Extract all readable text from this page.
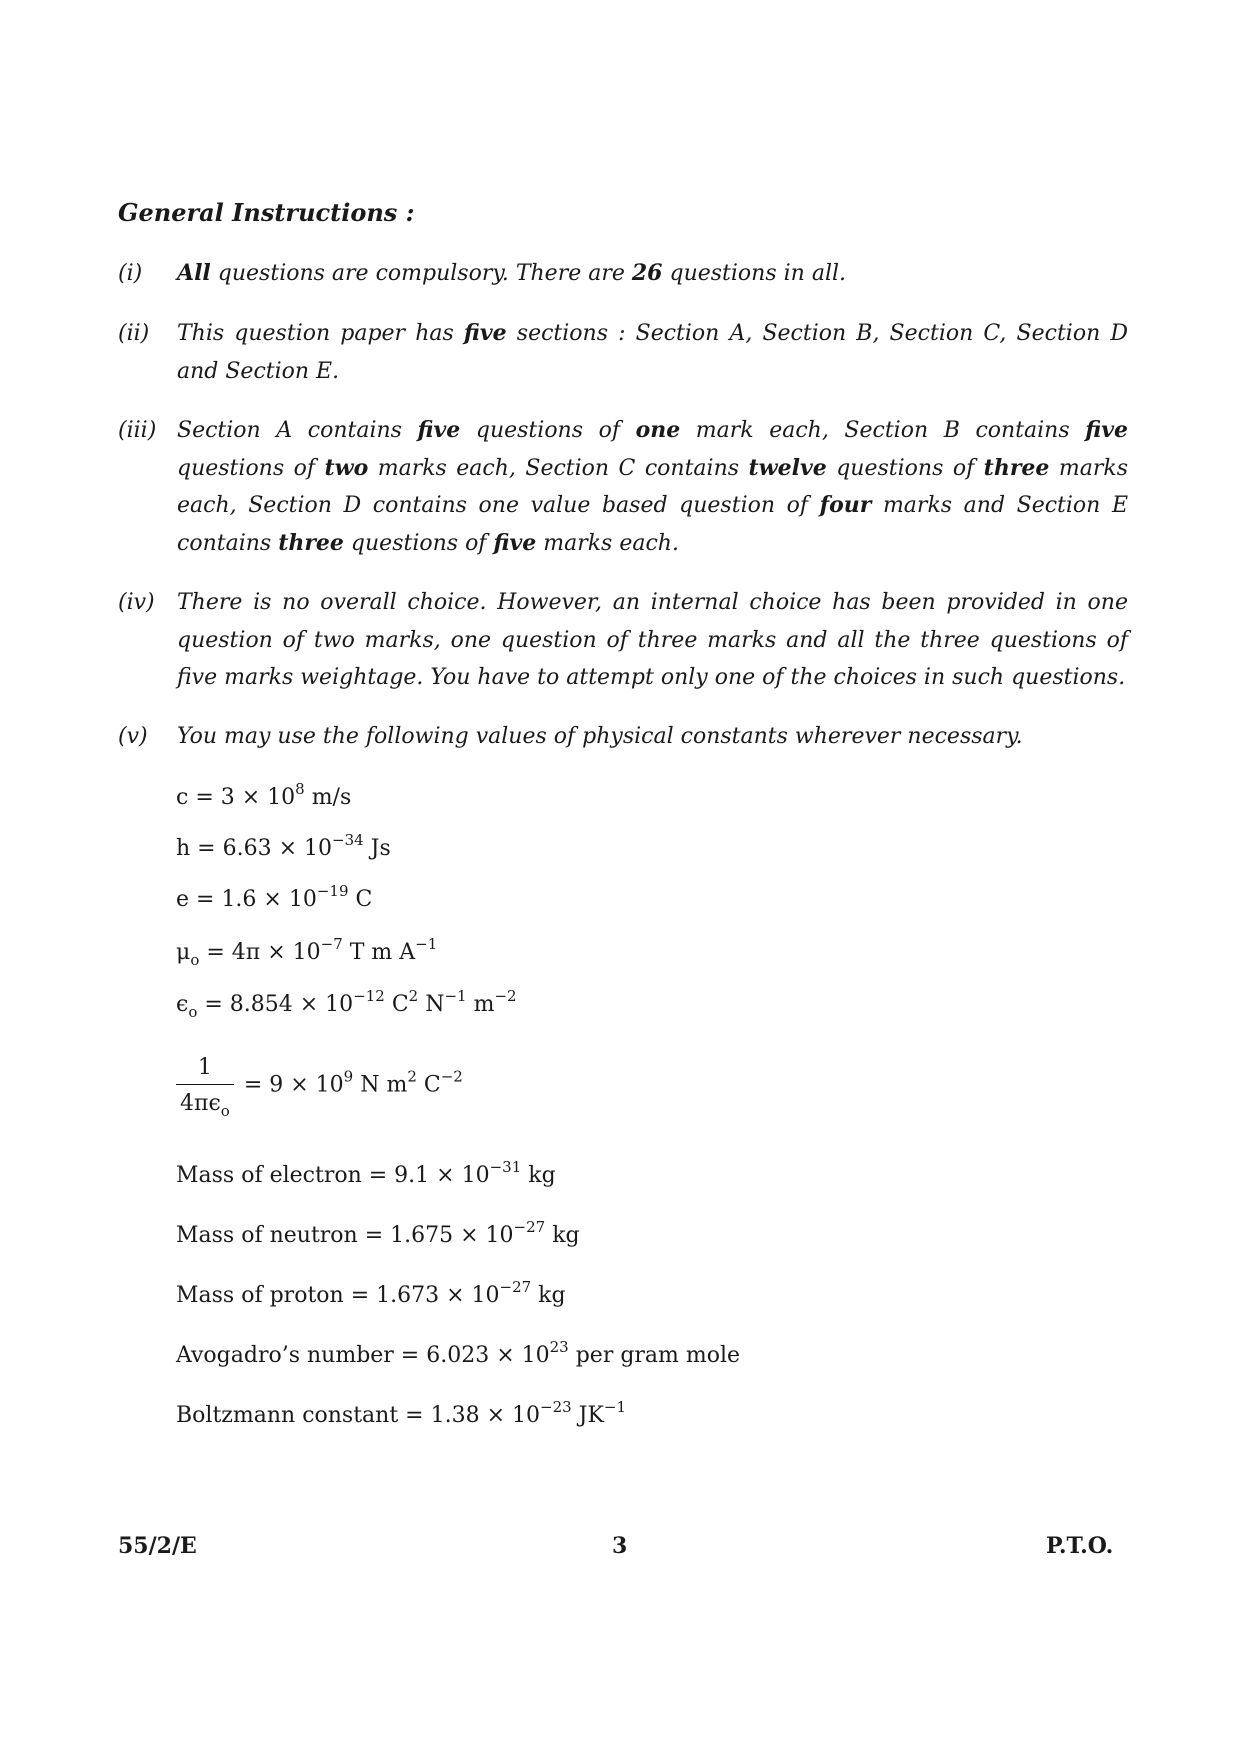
General Instructions :
(i)	All questions are compulsory. There are 26 questions in all.
(ii)	This question paper has five sections : Section A, Section B, Section C, Section D and Section E.
(iii) Section A contains five questions of one mark each, Section B contains five questions of two marks each, Section C contains twelve questions of three marks each, Section D contains one value based question of four marks and Section E contains three questions of five marks each.
(iv)	There is no overall choice. However, an internal choice has been provided in one question of two marks, one question of three marks and all the three questions of five marks weightage. You have to attempt only one of the choices in such questions.
(v)	You may use the following values of physical constants wherever necessary.
$c = 3 \times 10^8$ m/s
$h = 6.63 \times 10^{-34}$ Js
$e = 1.6 \times 10^{-19}$ C
$\mu_o = 4\pi \times 10^{-7}$ T m $A^{-1}$
$\epsilon_o = 8.854 \times 10^{-12}$ $C^2$ $N^{-1}$ $m^{-2}$
$\frac{1}{4\pi\epsilon_o} = 9 \times 10^9$ N $m^2$ $C^{-2}$
Mass of electron = $9.1 \times 10^{-31}$ kg
Mass of neutron = $1.675 \times 10^{-27}$ kg
Mass of proton = $1.673 \times 10^{-27}$ kg
Avogadro’s number = $6.023 \times 10^{23}$ per gram mole
Boltzmann constant = $1.38 \times 10^{-23}$ $JK^{-1}$
55/2/E	3	P.T.O.
